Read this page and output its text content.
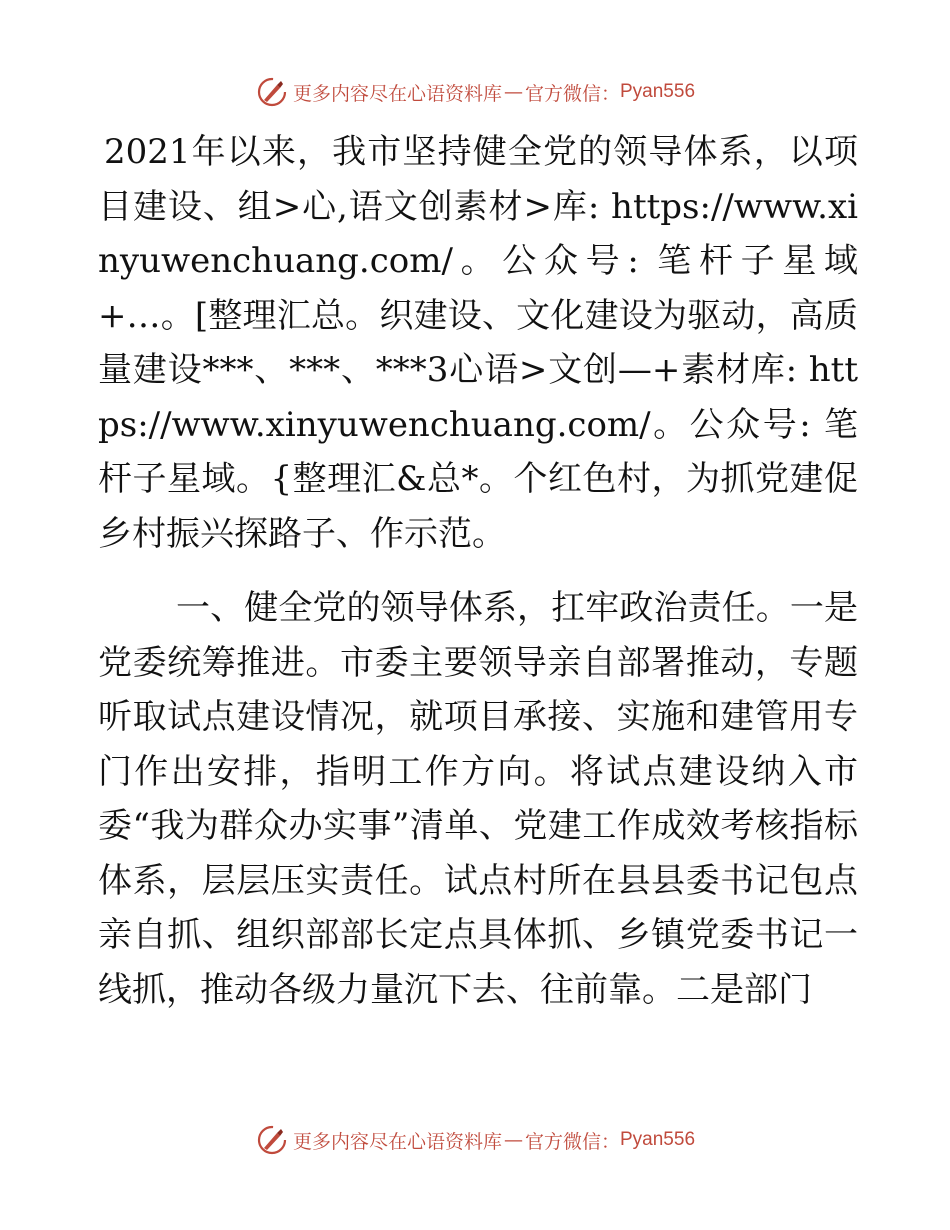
更多内容尽在心语资料库 — 官方微信： Pyan556

2021年以来，我市坚持健全党的领导体系，以项目建设、组>心,语文创素材>库: https://www.xinyuwenchuang.com/。公众号: 笔杆子星域+…。[整理汇总。织建设、文化建设为驱动，高质量建设***、***、***3心语>文创—+素材库: https://www.xinyuwenchuang.com/。公众号: 笔杆子星域。{整理汇&总*。个红色村，为抓党建促乡村振兴探路子、作示范。

一、健全党的领导体系，扛牢政治责任。一是党委统筹推进。市委主要领导亲自部署推动，专题听取试点建设情况，就项目承接、实施和建管用专门作出安排，指明工作方向。将试点建设纳入市委“我为群众办实事”清单、党建工作成效考核指标体系，层层压实责任。试点村所在县县委书记包点亲自抓、组织部部长定点具体抓、乡镇党委书记一线抓，推动各级力量沉下去、往前靠。二是部门

更多内容尽在心语资料库 — 官方微信： Pyan556
